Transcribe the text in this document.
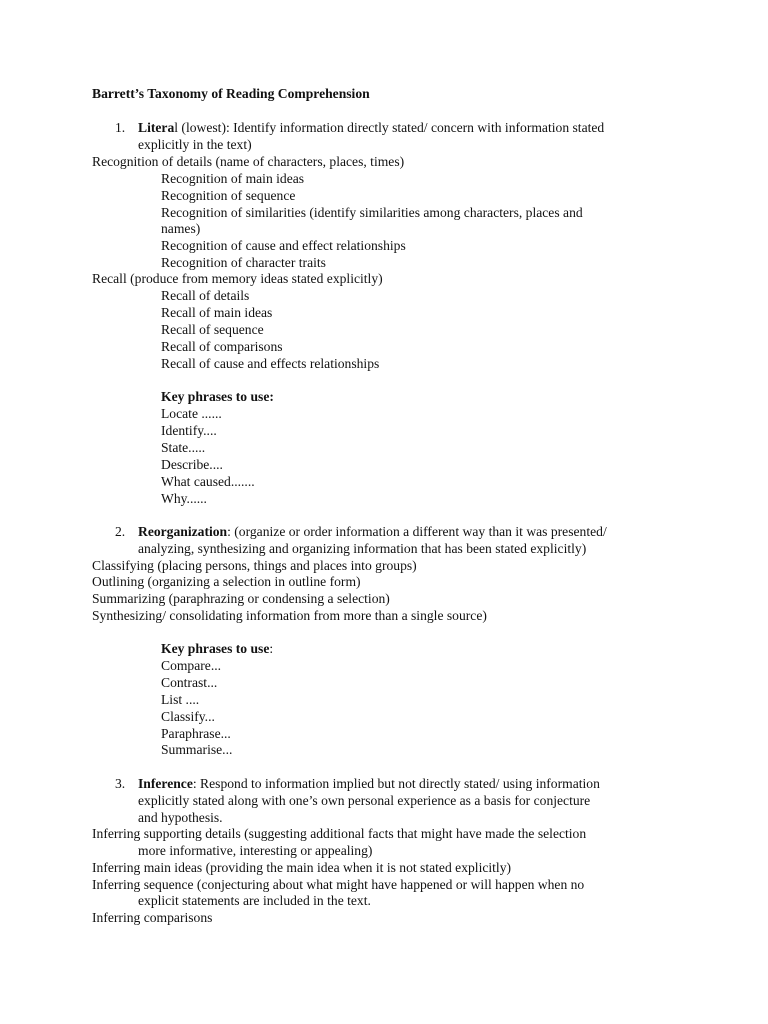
Barrett’s Taxonomy of Reading Comprehension
1. Literal (lowest): Identify information directly stated/ concern with information stated
explicitly in the text)
Recognition of details (name of characters, places, times)
Recognition of main ideas
Recognition of sequence
Recognition of similarities (identify similarities among characters, places and
names)
Recognition of cause and effect relationships
Recognition of character traits
Recall (produce from memory ideas stated explicitly)
Recall of details
Recall of main ideas
Recall of sequence
Recall of comparisons
Recall of cause and effects relationships
Key phrases to use:
Locate ......
Identify....
State.....
Describe....
What caused.......
Why......
2. Reorganization: (organize or order information a different way than it was presented/
analyzing, synthesizing and organizing information that has been stated explicitly)
Classifying (placing persons, things and places into groups)
Outlining (organizing a selection in outline form)
Summarizing (paraphrazing or condensing a selection)
Synthesizing/ consolidating information from more than a single source)
Key phrases to use:
Compare...
Contrast...
List ....
Classify...
Paraphrase...
Summarise...
3. Inference: Respond to information implied but not directly stated/ using information
explicitly stated along with one’s own personal experience as a basis for conjecture
and hypothesis.
Inferring supporting details (suggesting additional facts that might have made the selection
more informative, interesting or appealing)
Inferring main ideas (providing the main idea when it is not stated explicitly)
Inferring sequence (conjecturing about what might have happened or will happen when no
explicit statements are included in the text.
Inferring comparisons
